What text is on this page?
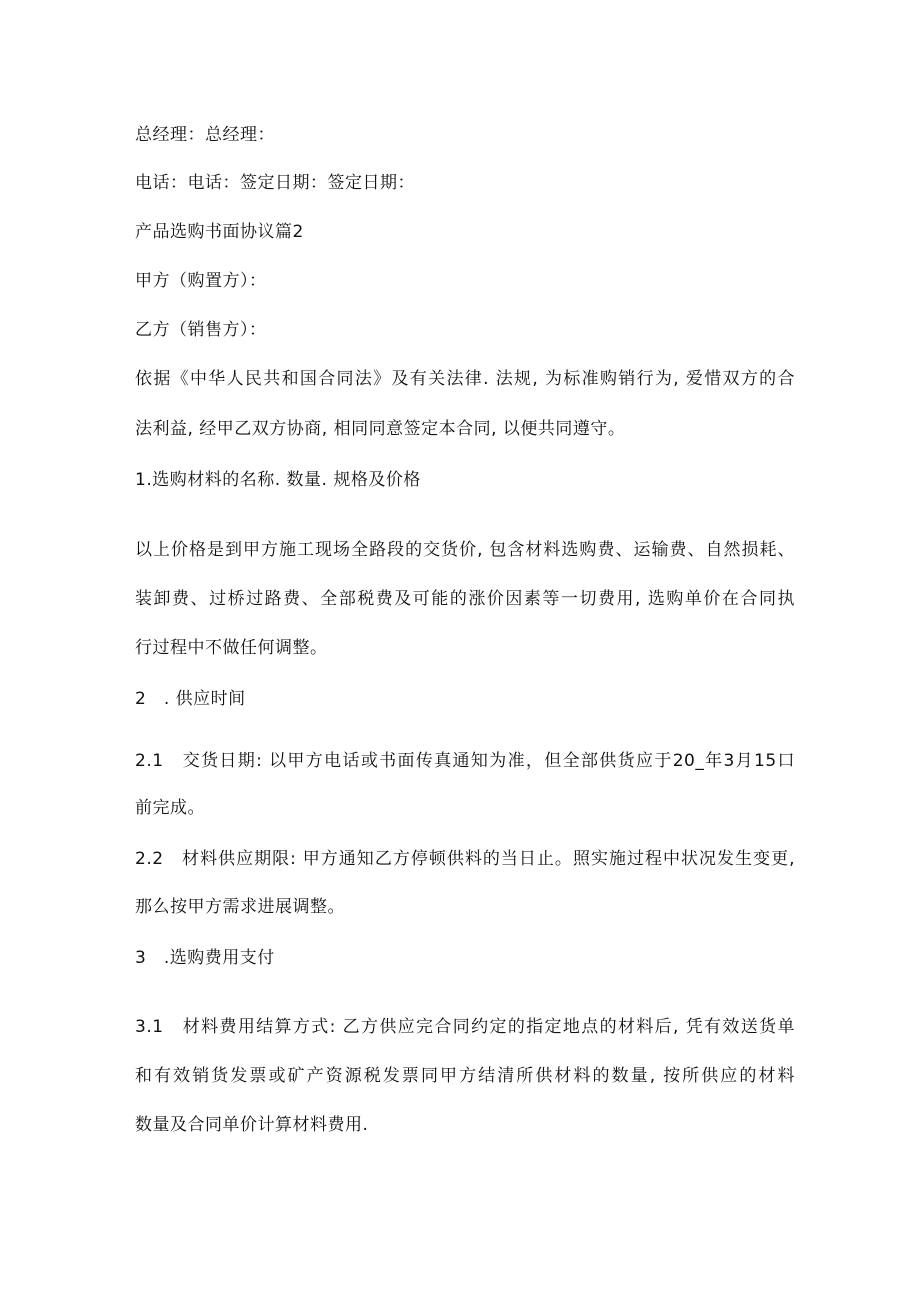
总经理：总经理：
电话：电话：签定日期：签定日期：
产品选购书面协议篇2
甲方（购置方）：
乙方（销售方）：
依据《中华人民共和国合同法》及有关法律. 法规, 为标准购销行为, 爱惜双方的合
法利益, 经甲乙双方协商, 相同同意签定本合同, 以便共同遵守。
1.选购材料的名称. 数量. 规格及价格
以上价格是到甲方施工现场全路段的交货价, 包含材料选购费、运输费、自然损耗、
装卸费、过桥过路费、全部税费及可能的涨价因素等一切费用, 选购单价在合同执
行过程中不做任何调整。
2　. 供应时间
2.1　交货日期: 以甲方电话或书面传真通知为准，但全部供货应于20_年3月15口
前完成。
2.2　材料供应期限: 甲方通知乙方停顿供料的当日止。照实施过程中状况发生变更,
那么按甲方需求进展调整。
3　.选购费用支付
3.1　材料费用结算方式: 乙方供应完合同约定的指定地点的材料后, 凭有效送货单
和有效销货发票或矿产资源税发票同甲方结清所供材料的数量, 按所供应的材料
数量及合同单价计算材料费用.
